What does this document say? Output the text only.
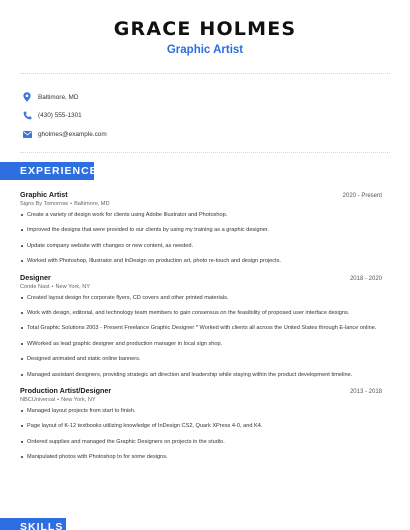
GRACE HOLMES
Graphic Artist
Baltimore, MD
(430) 555-1301
gholmes@example.com
EXPERIENCE
Graphic Artist	2020 - Present
Signs By Tomorrow • Baltimore, MD
Create a variety of design work for clients using Adobe Illustrator and Photoshop.
Improved the designs that were provided to our clients by using my training as a graphic designer.
Update company website with changes or new content, as needed.
Worked with Photoshop, Illustrator and InDesign on production art, photo re-touch and design projects.
Designer	2018 - 2020
Conde Nast • New York, NY
Created layout design for corporate flyers, CD covers and other printed materials.
Work with design, editorial, and technology team members to gain consensus on the feasibility of proposed user interface designs.
Total Graphic Solutions 2003 - Present Freelance Graphic Designer * Worked with clients all across the United States through E-lance online.
WWorked as lead graphic designer and production manager in local sign shop.
Designed animated and static online banners.
Managed assistant designers, providing strategic art direction and leadership while staying within the product development timeline.
Production Artist/Designer	2013 - 2018
NBCUniversal • New York, NY
Managed layout projects from start to finish.
Page layout of K-12 textbooks utilizing knowledge of InDesign CS2, Quark XPress 4-0, and K4.
Ordered supplies and managed the Graphic Designers on projects in the studio.
Manipulated photos with Photoshop to for some designs.
SKILLS
